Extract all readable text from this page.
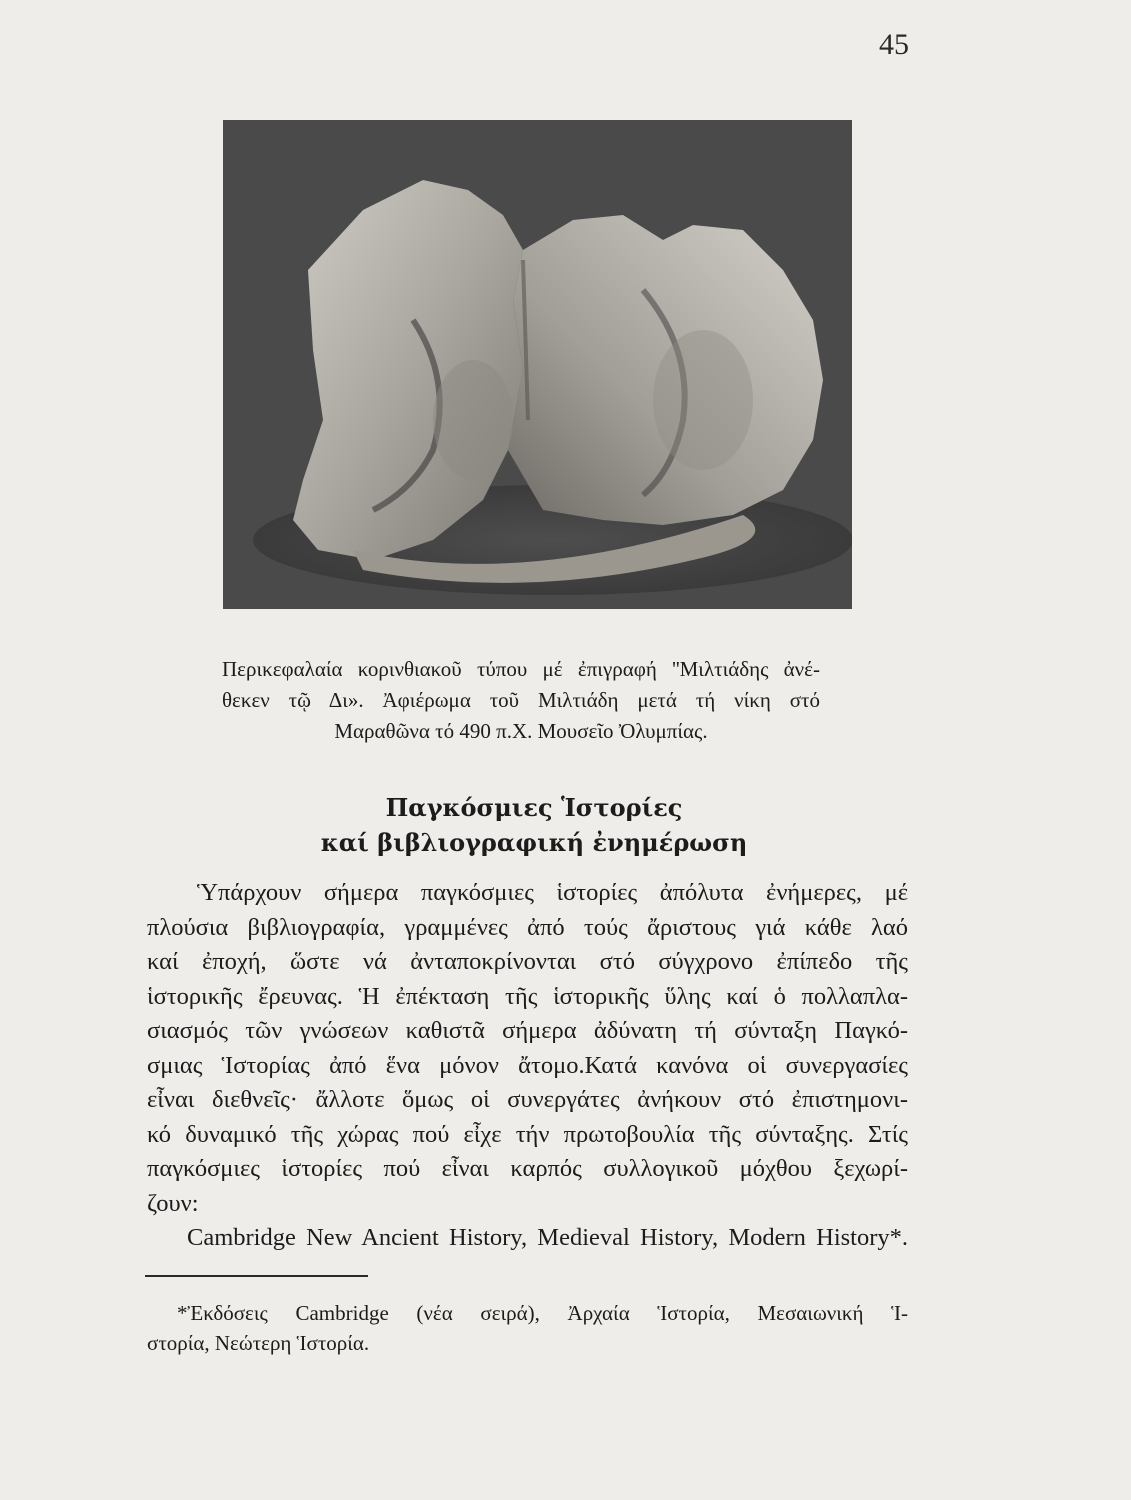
45
Περικεφαλαία κορινθιακοῦ τύπου μέ ἐπιγραφή ''Μιλτιάδης ἀνέ-
θεκεν τῷ Δι». Ἀφιέρωμα τοῦ Μιλτιάδη μετά τή νίκη στό
Μαραθῶνα τό 490 π.Χ. Μουσεῖο Ὀλυμπίας.
Παγκόσμιες Ἱστορίες
καί βιβλιογραφική ἐνημέρωση
Ὑπάρχουν σήμερα παγκόσμιες ἱστορίες ἀπόλυτα ἐνήμερες, μέ
πλούσια βιβλιογραφία, γραμμένες ἀπό τούς ἄριστους γιά κάθε λαό
καί ἐποχή, ὥστε νά ἀνταποκρίνονται στό σύγχρονο ἐπίπεδο τῆς
ἱστορικῆς ἔρευνας. Ἡ ἐπέκταση τῆς ἱστορικῆς ὕλης καί ὁ πολλαπλα-
σιασμός τῶν γνώσεων καθιστᾶ σήμερα ἀδύνατη τή σύνταξη Παγκό-
σμιας Ἱστορίας ἀπό ἕνα μόνον ἄτομο.Κατά κανόνα οἱ συνεργασίες
εἶναι διεθνεῖς· ἄλλοτε ὅμως οἱ συνεργάτες ἀνήκουν στό ἐπιστημονι-
κό δυναμικό τῆς χώρας πού εἶχε τήν πρωτοβουλία τῆς σύνταξης. Στίς
παγκόσμιες ἱστορίες πού εἶναι καρπός συλλογικοῦ μόχθου ξεχωρί-
ζουν:
Cambridge New Ancient History, Medieval History, Modern History*.
*Ἐκδόσεις Cambridge (νέα σειρά), Ἀρχαία Ἱστορία, Μεσαιωνική Ἱ-
στορία, Νεώτερη Ἱστορία.
